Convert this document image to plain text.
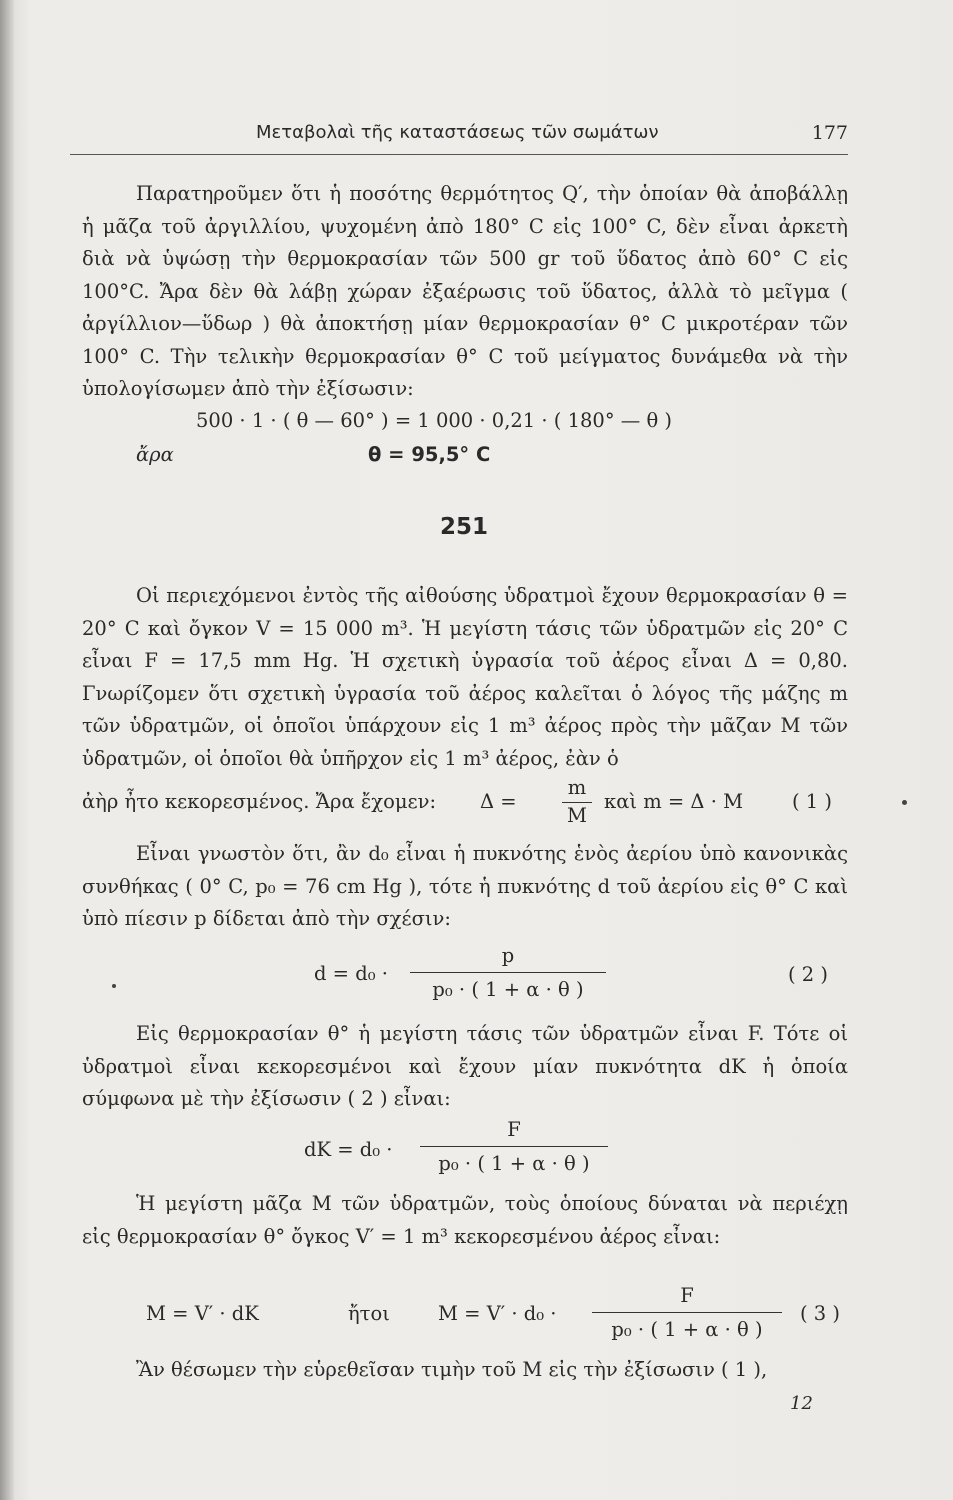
Μεταβολαὶ τῆς καταστάσεως τῶν σωμάτων	177
Παρατηροῦμεν ὅτι ἡ ποσότης θερμότητος Q′, τὴν ὁποίαν θὰ ἀποβάλλῃ ἡ μᾶζα τοῦ ἀργιλλίου, ψυχομένη ἀπὸ 180° C εἰς 100° C, δὲν εἶναι ἀρκετὴ διὰ νὰ ὑψώσῃ τὴν θερμοκρασίαν τῶν 500 gr τοῦ ὕδατος ἀπὸ 60° C εἰς 100°C. Ἄρα δὲν θὰ λάβῃ χώραν ἐξαέρωσις τοῦ ὕδατος, ἀλλὰ τὸ μεῖγμα ( ἀργίλλιον—ὕδωρ ) θὰ ἀποκτήσῃ μίαν θερμοκρασίαν θ° C μικροτέραν τῶν 100° C. Τὴν τελικὴν θερμοκρασίαν θ° C τοῦ μείγματος δυνάμεθα νὰ τὴν ὑπολογίσωμεν ἀπὸ τὴν ἐξίσωσιν:
500 · 1 · ( θ — 60° ) = 1 000 · 0,21 · ( 180° — θ )
ἄρα	θ = 95,5° C
251
Οἱ περιεχόμενοι ἐντὸς τῆς αἰθούσης ὑδρατμοὶ ἔχουν θερμοκρασίαν θ = 20° C καὶ ὄγκον V = 15 000 m³. Ἡ μεγίστη τάσις τῶν ὑδρατμῶν εἰς 20° C εἶναι F = 17,5 mm Hg. Ἡ σχετικὴ ὑγρασία τοῦ ἀέρος εἶναι Δ = 0,80. Γνωρίζομεν ὅτι σχετικὴ ὑγρασία τοῦ ἀέρος καλεῖται ὁ λόγος τῆς μάζης m τῶν ὑδρατμῶν, οἱ ὁποῖοι ὑπάρχουν εἰς 1 m³ ἀέρος πρὸς τὴν μᾶζαν M τῶν ὑδρατμῶν, οἱ ὁποῖοι θὰ ὑπῆρχον εἰς 1 m³ ἀέρος, ἐὰν ὁ
ἀὴρ ἦτο κεκορεσμένος. Ἄρα ἔχομεν: Δ =
m
M
καὶ m = Δ · M	( 1 )
Εἶναι γνωστὸν ὅτι, ἂν d₀ εἶναι ἡ πυκνότης ἑνὸς ἀερίου ὑπὸ κανονικὰς συνθήκας ( 0° C, p₀ = 76 cm Hg ), τότε ἡ πυκνότης d τοῦ ἀερίου εἰς θ° C καὶ ὑπὸ πίεσιν p δίδεται ἀπὸ τὴν σχέσιν:
d = d₀ ·
p
p₀ · ( 1 + α · θ )
( 2 )
Εἰς θερμοκρασίαν θ° ἡ μεγίστη τάσις τῶν ὑδρατμῶν εἶναι F. Τότε οἱ ὑδρατμοὶ εἶναι κεκορεσμένοι καὶ ἔχουν μίαν πυκνότητα dK ἡ ὁποία σύμφωνα μὲ τὴν ἐξίσωσιν ( 2 ) εἶναι:
dK = d₀ ·
F
p₀ · ( 1 + α · θ )
Ἡ μεγίστη μᾶζα M τῶν ὑδρατμῶν, τοὺς ὁποίους δύναται νὰ περιέχῃ εἰς θερμοκρασίαν θ° ὄγκος V′ = 1 m³ κεκορεσμένου ἀέρος εἶναι:
M = V′ · dK	ἤτοι M = V′ · d₀ ·
F
p₀ · ( 1 + α · θ )
( 3 )
Ἂν θέσωμεν τὴν εὑρεθεῖσαν τιμὴν τοῦ M εἰς τὴν ἐξίσωσιν ( 1 ),
12
